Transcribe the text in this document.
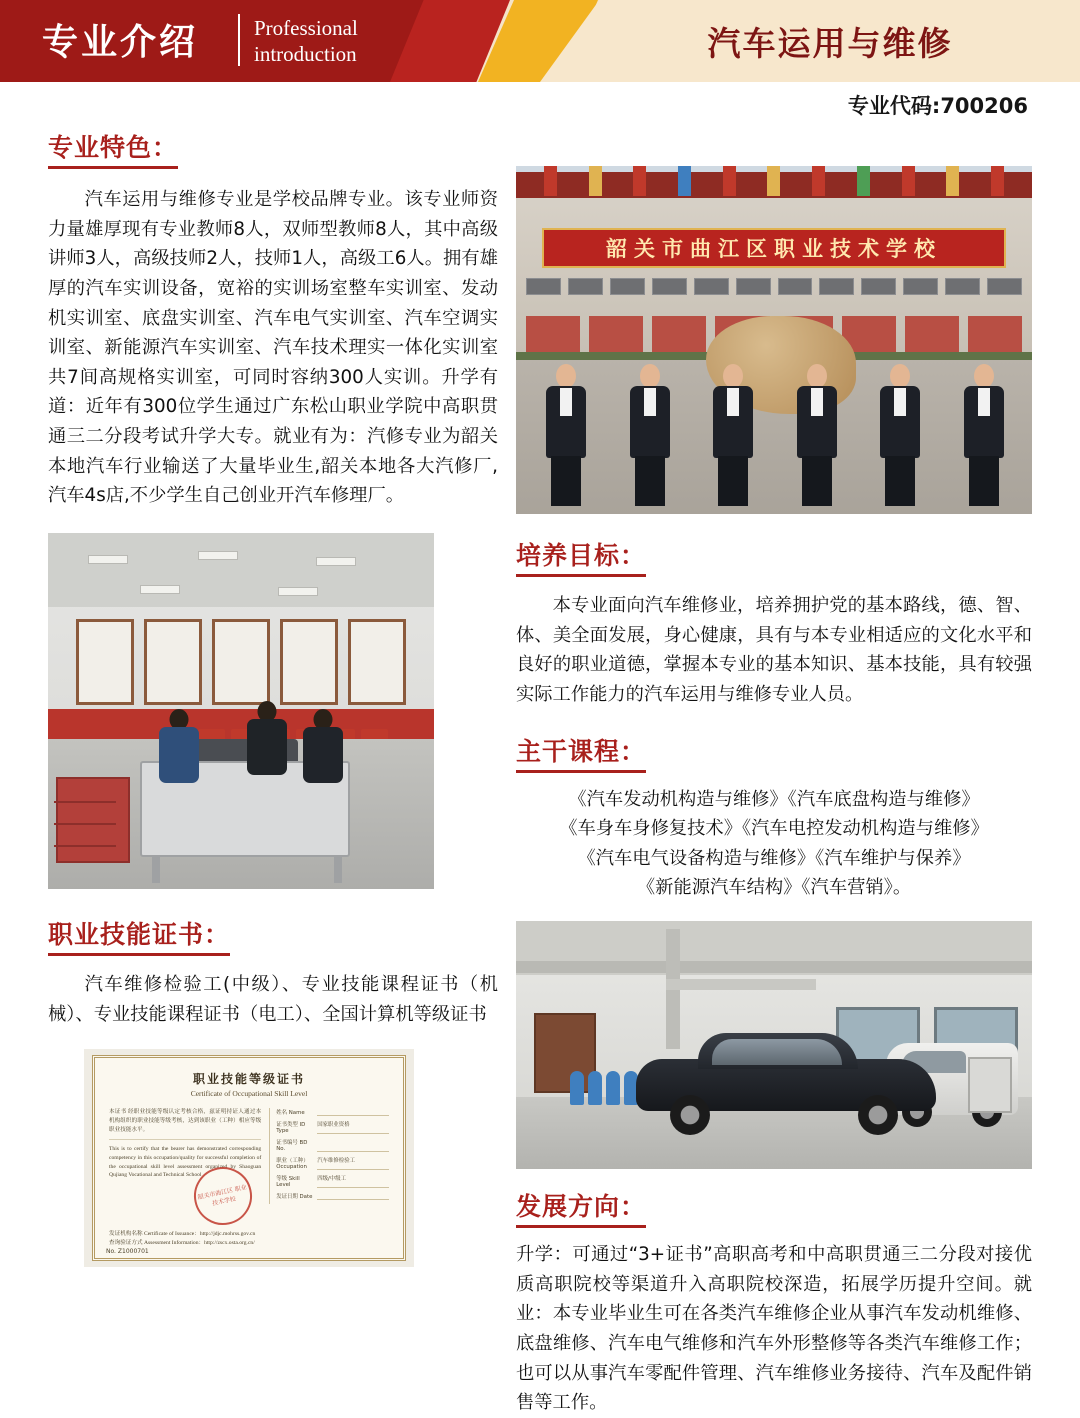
专业介绍	Professional
introduction	汽车运用与维修
专业代码:700206
专业特色：
汽车运用与维修专业是学校品牌专业。该专业师资力量雄厚现有专业教师8人，双师型教师8人，其中高级讲师3人，高级技师2人，技师1人，高级工6人。拥有雄厚的汽车实训设备，宽裕的实训场室整车实训室、发动机实训室、底盘实训室、汽车电气实训室、汽车空调实训室、新能源汽车实训室、汽车技术理实一体化实训室共7间高规格实训室，可同时容纳300人实训。升学有道：近年有300位学生通过广东松山职业学院中高职贯通三二分段考试升学大专。就业有为：汽修专业为韶关本地汽车行业输送了大量毕业生,韶关本地各大汽修厂,汽车4s店,不少学生自己创业开汽车修理厂。
职业技能证书：
汽车维修检验工(中级）、专业技能课程证书（机械）、专业技能课程证书（电工）、全国计算机等级证书
职业技能等级证书
Certificate of Occupational Skill Level
本证书 经职业技能等级认定考核合格，兹证明持证人通过本机构组织的职业技能等级考核，达到该职业（工种）相应等级职业技能水平。
This is to certify that the bearer has demonstrated corresponding competency in this occupation/quality for successful completion of the occupational skill level assessment organized by Shaoguan Qujiang Vocational and Technical School
姓名 Name
证书类型 ID Type
国家职业资格
证书编号 BD No.
职业（工种） Occupation
汽车维修检验工
等级 Skill Level
四级/中级工
发证日期 Date
发证机构名称 Certificate of Issuance：http://jdjc.mohrss.gov.cn
查询验证方式 Assessment Information：http://zscx.osta.org.cn/
韶关市曲江区 职业技术学校
No. Z1000701
韶关市曲江区职业技术学校
培养目标：
本专业面向汽车维修业，培养拥护党的基本路线，德、智、体、美全面发展，身心健康，具有与本专业相适应的文化水平和良好的职业道德，掌握本专业的基本知识、基本技能，具有较强实际工作能力的汽车运用与维修专业人员。
主干课程：
《汽车发动机构造与维修》《汽车底盘构造与维修》
《车身车身修复技术》《汽车电控发动机构造与维修》
《汽车电气设备构造与维修》《汽车维护与保养》
《新能源汽车结构》《汽车营销》。
发展方向：
升学：可通过“3+证书”高职高考和中高职贯通三二分段对接优质高职院校等渠道升入高职院校深造，拓展学历提升空间。就业：本专业毕业生可在各类汽车维修企业从事汽车发动机维修、底盘维修、汽车电气维修和汽车外形整修等各类汽车维修工作；也可以从事汽车零配件管理、汽车维修业务接待、汽车及配件销售等工作。
